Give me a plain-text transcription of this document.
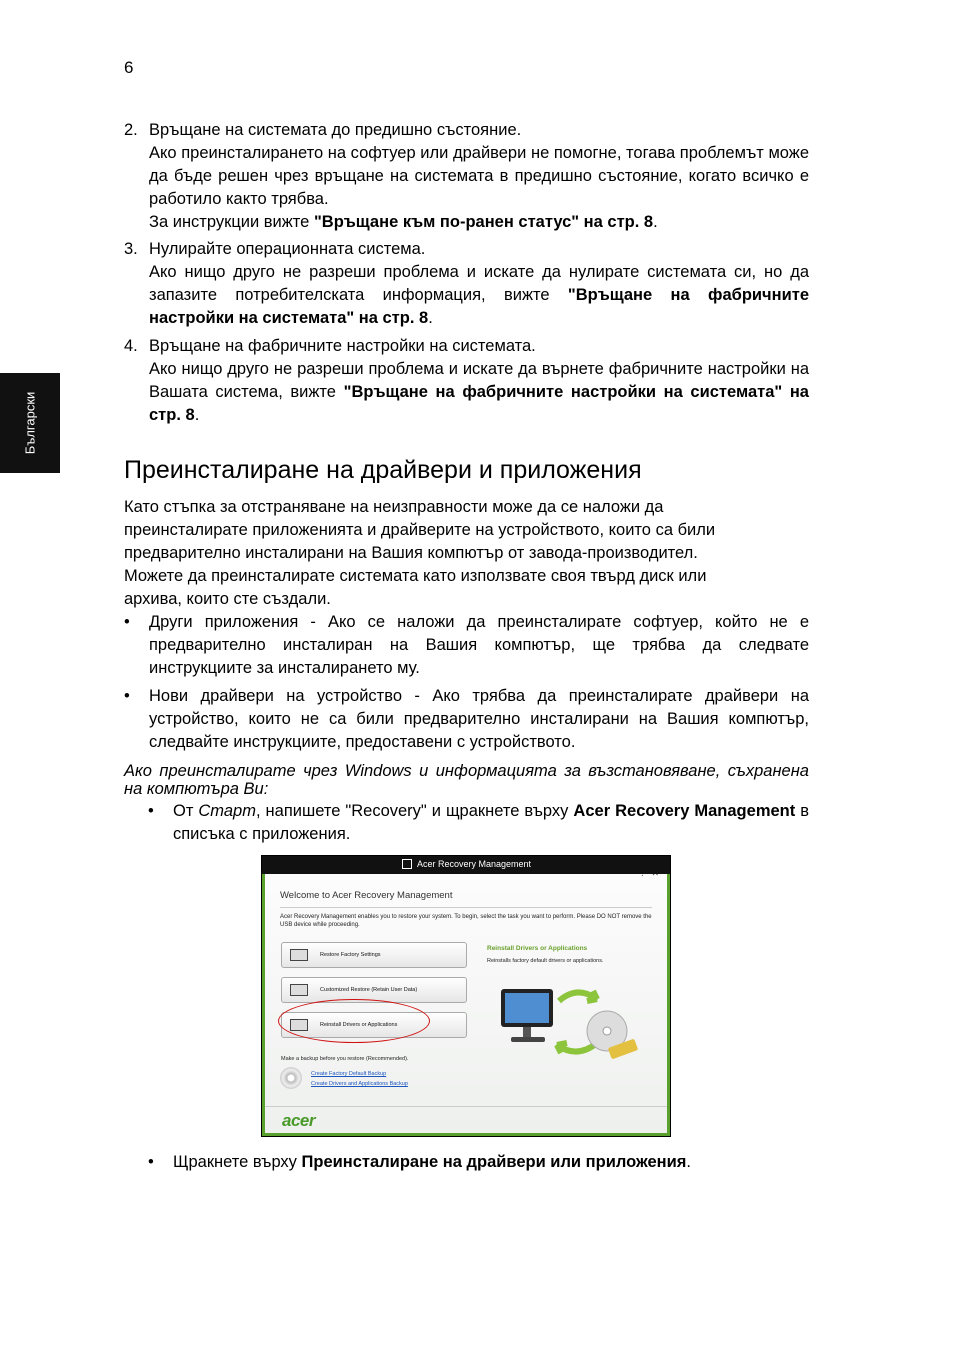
6
Български
2. Връщане на системата до предишно състояние.
Ако преинсталирането на софтуер или драйвери не помогне, тогава проблемът може да бъде решен чрез връщане на системата в предишно състояние, когато всичко е работило както трябва.
За инструкции вижте "Връщане към по-ранен статус" на стр. 8.
3. Нулирайте операционната система.
Ако нищо друго не разреши проблема и искате да нулирате системата си, но да запазите потребителската информация, вижте "Връщане на фабричните настройки на системата" на стр. 8.
4. Връщане на фабричните настройки на системата.
Ако нищо друго не разреши проблема и искате да върнете фабричните настройки на Вашата система, вижте "Връщане на фабричните настройки на системата" на стр. 8.
Преинсталиране на драйвери и приложения
Като стъпка за отстраняване на неизправности може да се наложи да
преинсталирате приложенията и драйверите на устройството, които са били
предварително инсталирани на Вашия компютър от завода-производител.
Можете да преинсталирате системата като използвате своя твърд диск или
архива, които сте създали.
• Други приложения - Ако се наложи да преинсталирате софтуер, който не е предварително инсталиран на Вашия компютър, ще трябва да следвате инструкциите за инсталирането му.
• Нови драйвери на устройство - Ако трябва да преинсталирате драйвери на устройство, които не са били предварително инсталирани на Вашия компютър, следвайте инструкциите, предоставени с устройството.
Ако преинсталирате чрез Windows и информацията за възстановяване, съхранена на компютъра Ви:
• От Старт, напишете "Recovery" и щракнете върху Acer Recovery Management в списъка с приложения.
Welcome to Acer Recovery Management
Acer Recovery Management enables you to restore your system. To begin, select the task you want to perform. Please DO NOT remove the USB device while proceeding.
Restore Factory Settings
Customized Restore (Retain User Data)
Reinstall Drivers or Applications
Reinstall Drivers or Applications
Reinstalls factory default drivers or applications.
Make a backup before you restore (Recommended).
Create Factory Default Backup
Create Drivers and Applications Backup
acer
Acer Recovery Management
• Щракнете върху Преинсталиране на драйвери или приложения.
